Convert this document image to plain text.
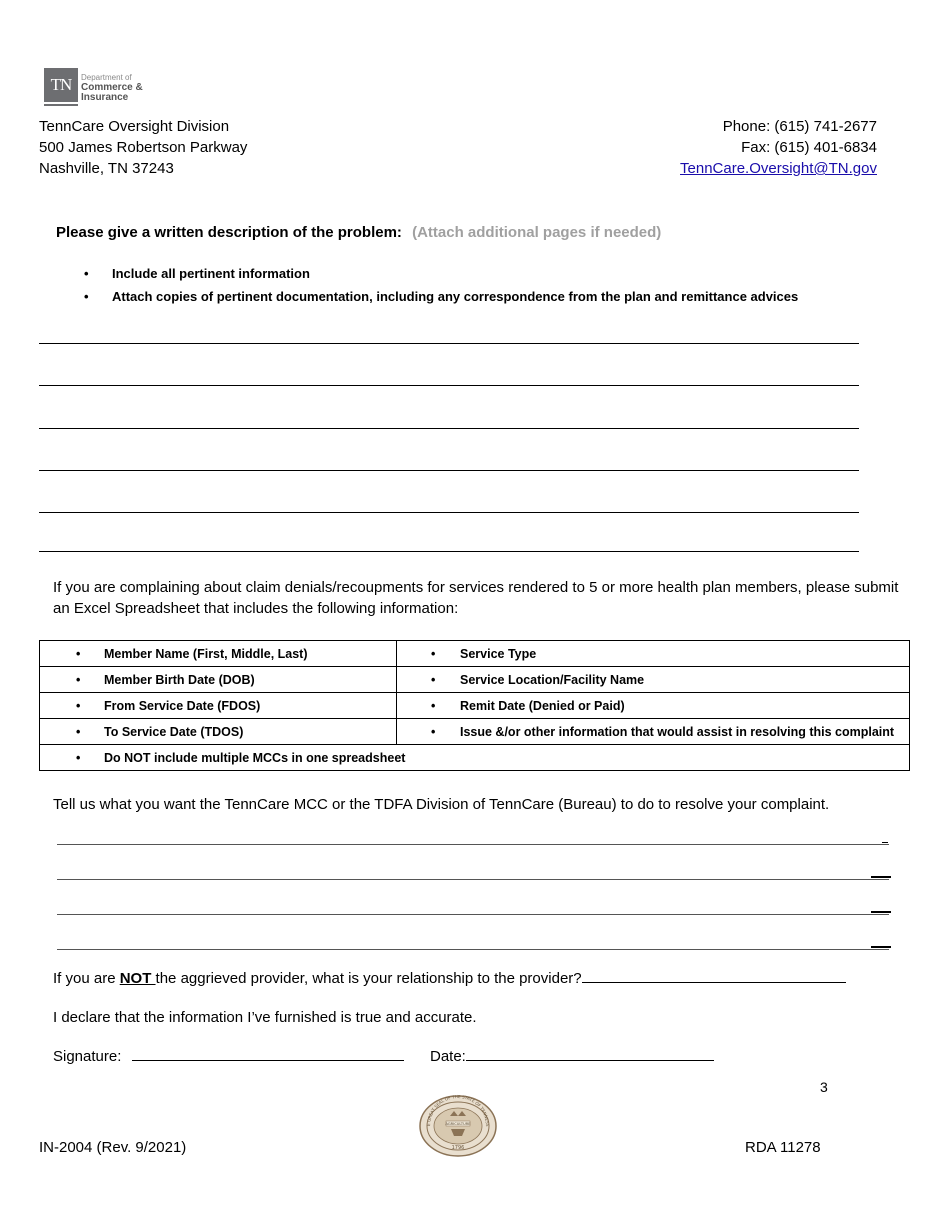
TN	Department of
Commerce &
Insurance
TennCare Oversight Division
500 James Robertson Parkway
Nashville, TN 37243
Phone: (615) 741-2677
Fax: (615) 401-6834
TennCare.Oversight@TN.gov
Please give a written description of the problem: (Attach additional pages if needed)
• Include all pertinent information
• Attach copies of pertinent documentation, including any correspondence from the plan and remittance advices
If you are complaining about claim denials/recoupments for services rendered to 5 or more health plan members, please submit an Excel Spreadsheet that includes the following information:
• Member Name (First, Middle, Last)	• Service Type

• Member Birth Date (DOB)	• Service Location/Facility Name

• From Service Date (FDOS)	• Remit Date (Denied or Paid)

• To Service Date (TDOS)	• Issue &/or other information that would assist in resolving this complaint

• Do NOT include multiple MCCs in one spreadsheet	
Tell us what you want the TennCare MCC or the TDFA Division of TennCare (Bureau) to do to resolve your complaint.
If you are NOT the aggrieved provider, what is your relationship to the provider?
I declare that the information I’ve furnished is true and accurate.
Signature:	Date:
3
E GREAT SEAL OF THE STATE OF TENNESS
AGRICULTURE
1796
IN-2004 (Rev. 9/2021)	RDA 11278
